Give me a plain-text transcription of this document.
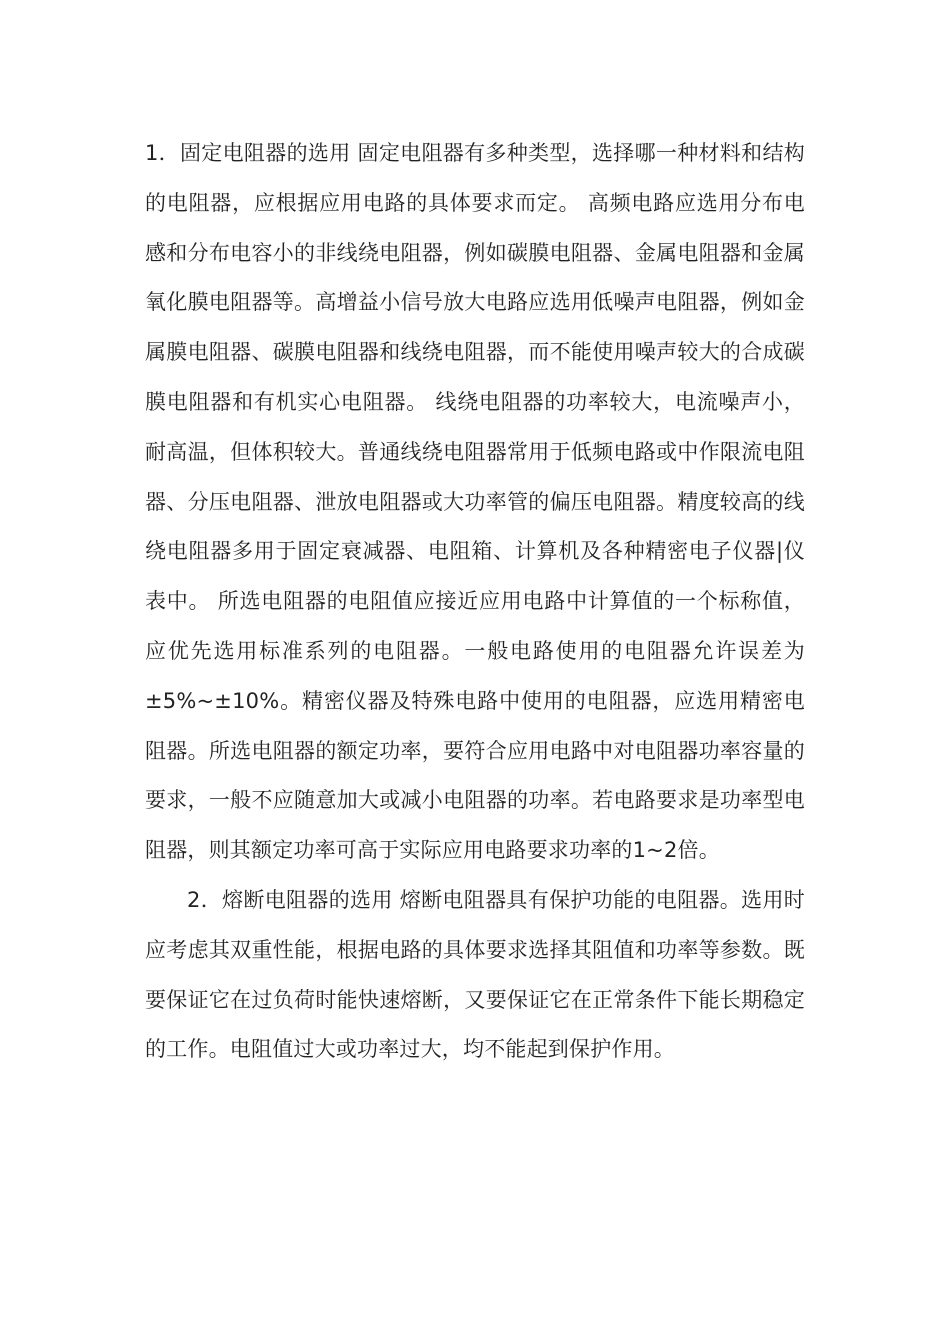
1．固定电阻器的选用 固定电阻器有多种类型，选择哪一种材料和结构的电阻器，应根据应用电路的具体要求而定。 高频电路应选用分布电感和分布电容小的非线绕电阻器，例如碳膜电阻器、金属电阻器和金属氧化膜电阻器等。高增益小信号放大电路应选用低噪声电阻器，例如金属膜电阻器、碳膜电阻器和线绕电阻器，而不能使用噪声较大的合成碳膜电阻器和有机实心电阻器。 线绕电阻器的功率较大，电流噪声小，耐高温，但体积较大。普通线绕电阻器常用于低频电路或中作限流电阻器、分压电阻器、泄放电阻器或大功率管的偏压电阻器。精度较高的线绕电阻器多用于固定衰减器、电阻箱、计算机及各种精密电子仪器|仪表中。 所选电阻器的电阻值应接近应用电路中计算值的一个标称值，应优先选用标准系列的电阻器。一般电路使用的电阻器允许误差为±5%~±10%。精密仪器及特殊电路中使用的电阻器，应选用精密电阻器。所选电阻器的额定功率，要符合应用电路中对电阻器功率容量的要求，一般不应随意加大或减小电阻器的功率。若电路要求是功率型电阻器，则其额定功率可高于实际应用电路要求功率的1~2倍。

2．熔断电阻器的选用 熔断电阻器具有保护功能的电阻器。选用时应考虑其双重性能，根据电路的具体要求选择其阻值和功率等参数。既要保证它在过负荷时能快速熔断，又要保证它在正常条件下能长期稳定的工作。电阻值过大或功率过大，均不能起到保护作用。
